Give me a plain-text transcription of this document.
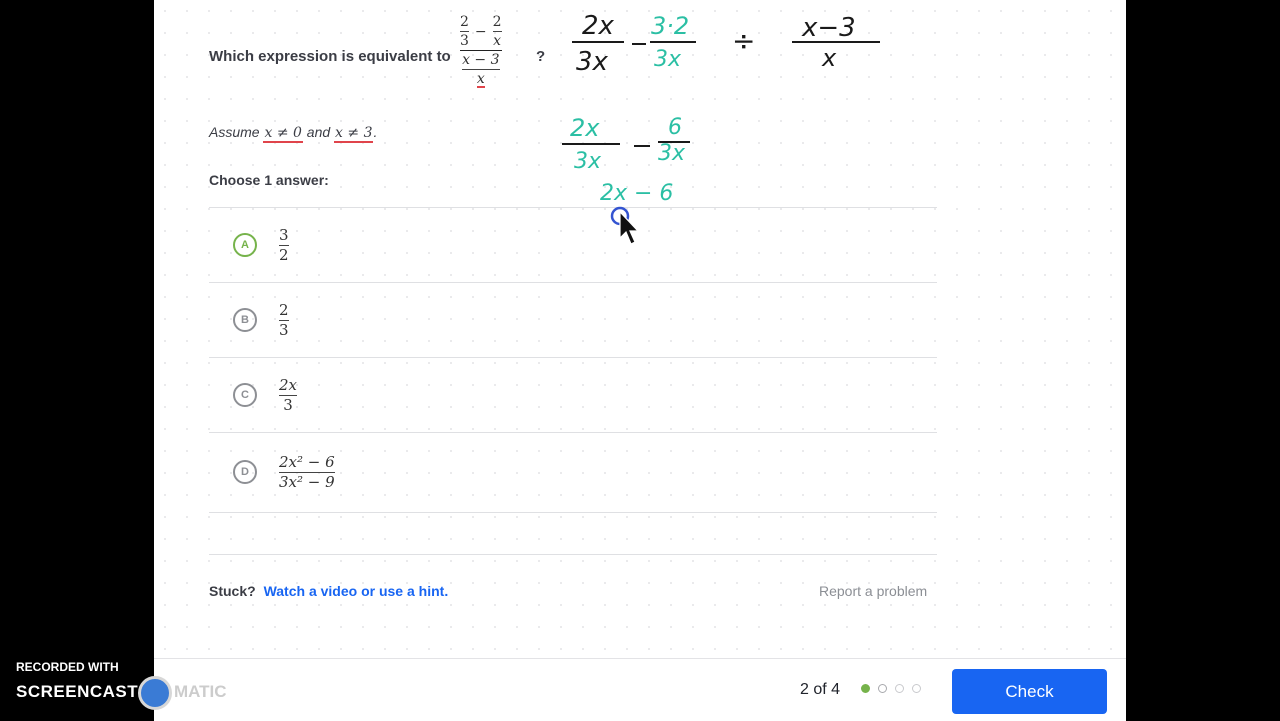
Which expression is equivalent to $\frac{\frac{2}{3} - \frac{2}{x}}{\frac{x - 3}{x}}$ ?
Assume x ≠ 0 and x ≠ 3.
Choose 1 answer:
A	$\frac{3}{2}$
B	$\frac{2}{3}$
C	$\frac{2x}{3}$
D	$\frac{\text{2x² − 6}}{\text{3x² − 9}}$
Stuck? Watch a video or use a hint.	Report a problem
2x
3x
3·2
3x
÷ x−3
x
2x
3x
6
3x
2x − 6
2 of 4	Check
RECORDED WITH
SCREENCAST MATIC
